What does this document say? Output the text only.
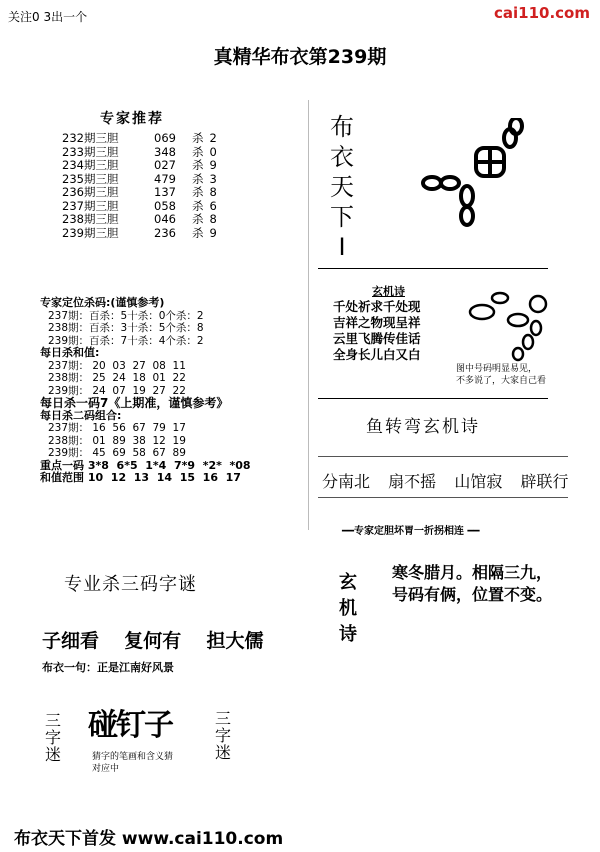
关注0 3出一个	cai110.com
真精华布衣第239期
专家推荐
232期三胆	069 杀 2
233期三胆	348 杀 0
234期三胆	027 杀 9
235期三胆	479 杀 3
236期三胆	137 杀 8
237期三胆	058 杀 6
238期三胆	046 杀 8
239期三胆	236 杀 9
专家定位杀码:(谨慎参考)
237期：百杀：5十杀：0个杀：2
238期：百杀：3十杀：5个杀：8
239期：百杀：7十杀：4个杀：2
每日杀和值:
237期： 20  03  27  08  11
238期： 25  24  18  01  22
239期： 24  07  19  27  22
每日杀一码7《上期准，谨慎参考》
每日杀二码组合:
237期： 16  56  67  79  17
238期： 01  89  38  12  19
239期： 45  69  58  67  89
重点一码 3*8  6*5  1*4  7*9  *2*  *08
和值范围 10  12  13  14  15  16  17
专业杀三码字谜
子细看  复何有  担大儒
布衣一句：正是江南好风景
三字迷
碰钉子
猜字的笔画和含义猜
对应中
三字迷
布衣天下I
玄机诗
千处祈求千处现
吉祥之物现呈祥
云里飞腾传佳话
全身长儿白又白
图中号码明显易见，
不多说了，大家自己看
鱼转弯玄机诗
分南北  扇不摇  山馆寂  辟联行
━━专家定胆坏胃一折拐相连 ━━
玄机诗
寒冬腊月。相隔三九，
号码有俩，位置不变。
布衣天下首发 www.cai110.com
